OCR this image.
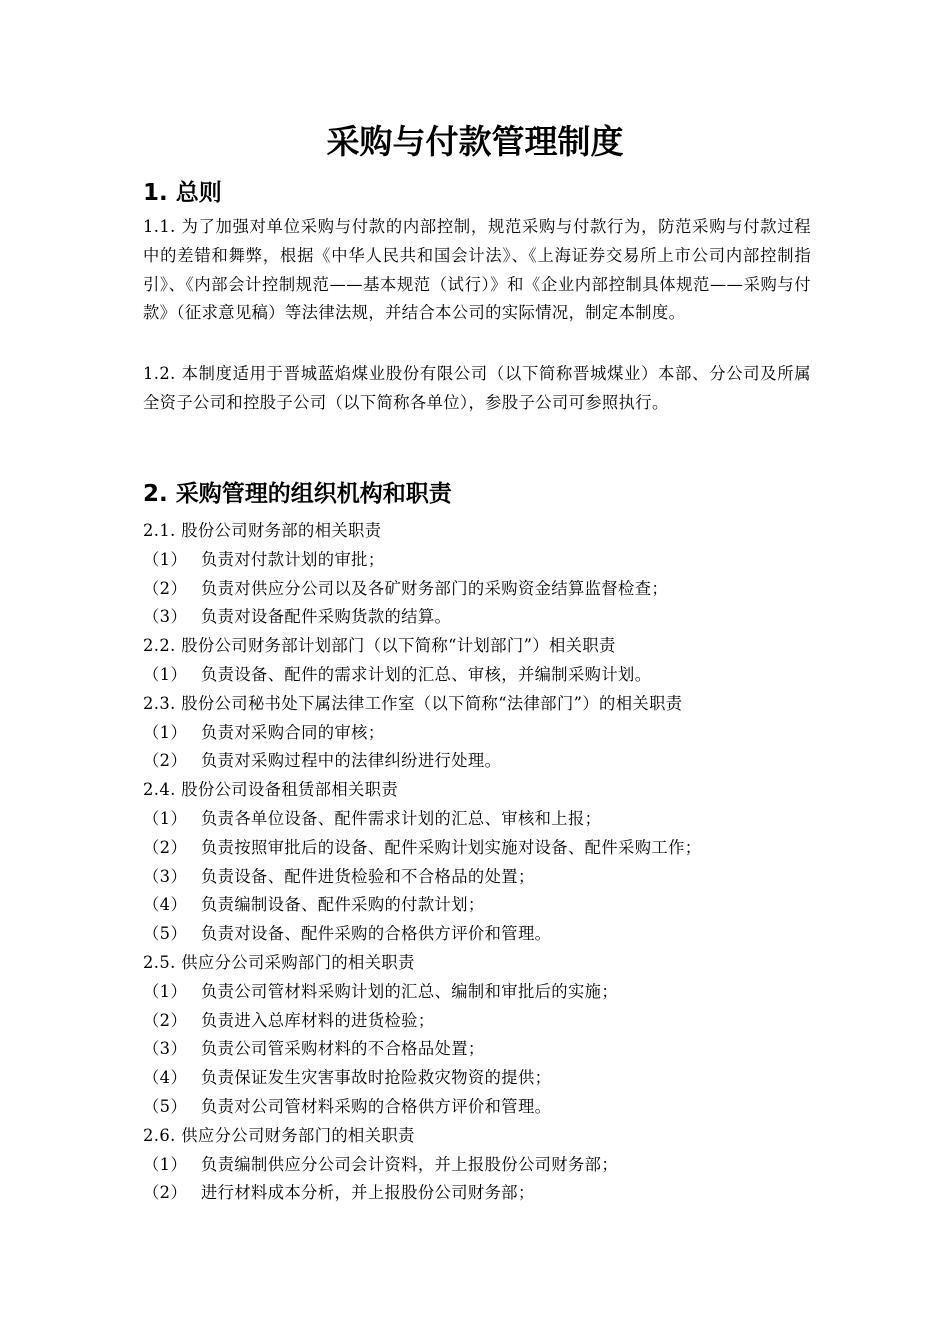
采购与付款管理制度
1. 总则

1.1. 为了加强对单位采购与付款的内部控制，规范采购与付款行为，防范采购与付款过程中的差错和舞弊，根据《中华人民共和国会计法》、《上海证券交易所上市公司内部控制指引》、《内部会计控制规范——基本规范（试行）》和《企业内部控制具体规范——采购与付款》（征求意见稿）等法律法规，并结合本公司的实际情况，制定本制度。

1.2. 本制度适用于晋城蓝焰煤业股份有限公司（以下简称晋城煤业）本部、分公司及所属全资子公司和控股子公司（以下简称各单位），参股子公司可参照执行。

2. 采购管理的组织机构和职责

2.1. 股份公司财务部的相关职责

（1） 负责对付款计划的审批；

（2） 负责对供应分公司以及各矿财务部门的采购资金结算监督检查；

（3） 负责对设备配件采购货款的结算。

2.2. 股份公司财务部计划部门（以下简称“计划部门”）相关职责

（1） 负责设备、配件的需求计划的汇总、审核，并编制采购计划。

2.3. 股份公司秘书处下属法律工作室（以下简称“法律部门”）的相关职责

（1） 负责对采购合同的审核；

（2） 负责对采购过程中的法律纠纷进行处理。

2.4. 股份公司设备租赁部相关职责

（1） 负责各单位设备、配件需求计划的汇总、审核和上报；

（2） 负责按照审批后的设备、配件采购计划实施对设备、配件采购工作；

（3） 负责设备、配件进货检验和不合格品的处置；

（4） 负责编制设备、配件采购的付款计划；

（5） 负责对设备、配件采购的合格供方评价和管理。

2.5. 供应分公司采购部门的相关职责

（1） 负责公司管材料采购计划的汇总、编制和审批后的实施；

（2） 负责进入总库材料的进货检验；

（3） 负责公司管采购材料的不合格品处置；

（4） 负责保证发生灾害事故时抢险救灾物资的提供；

（5） 负责对公司管材料采购的合格供方评价和管理。

2.6. 供应分公司财务部门的相关职责

（1） 负责编制供应分公司会计资料，并上报股份公司财务部；

（2） 进行材料成本分析，并上报股份公司财务部；
